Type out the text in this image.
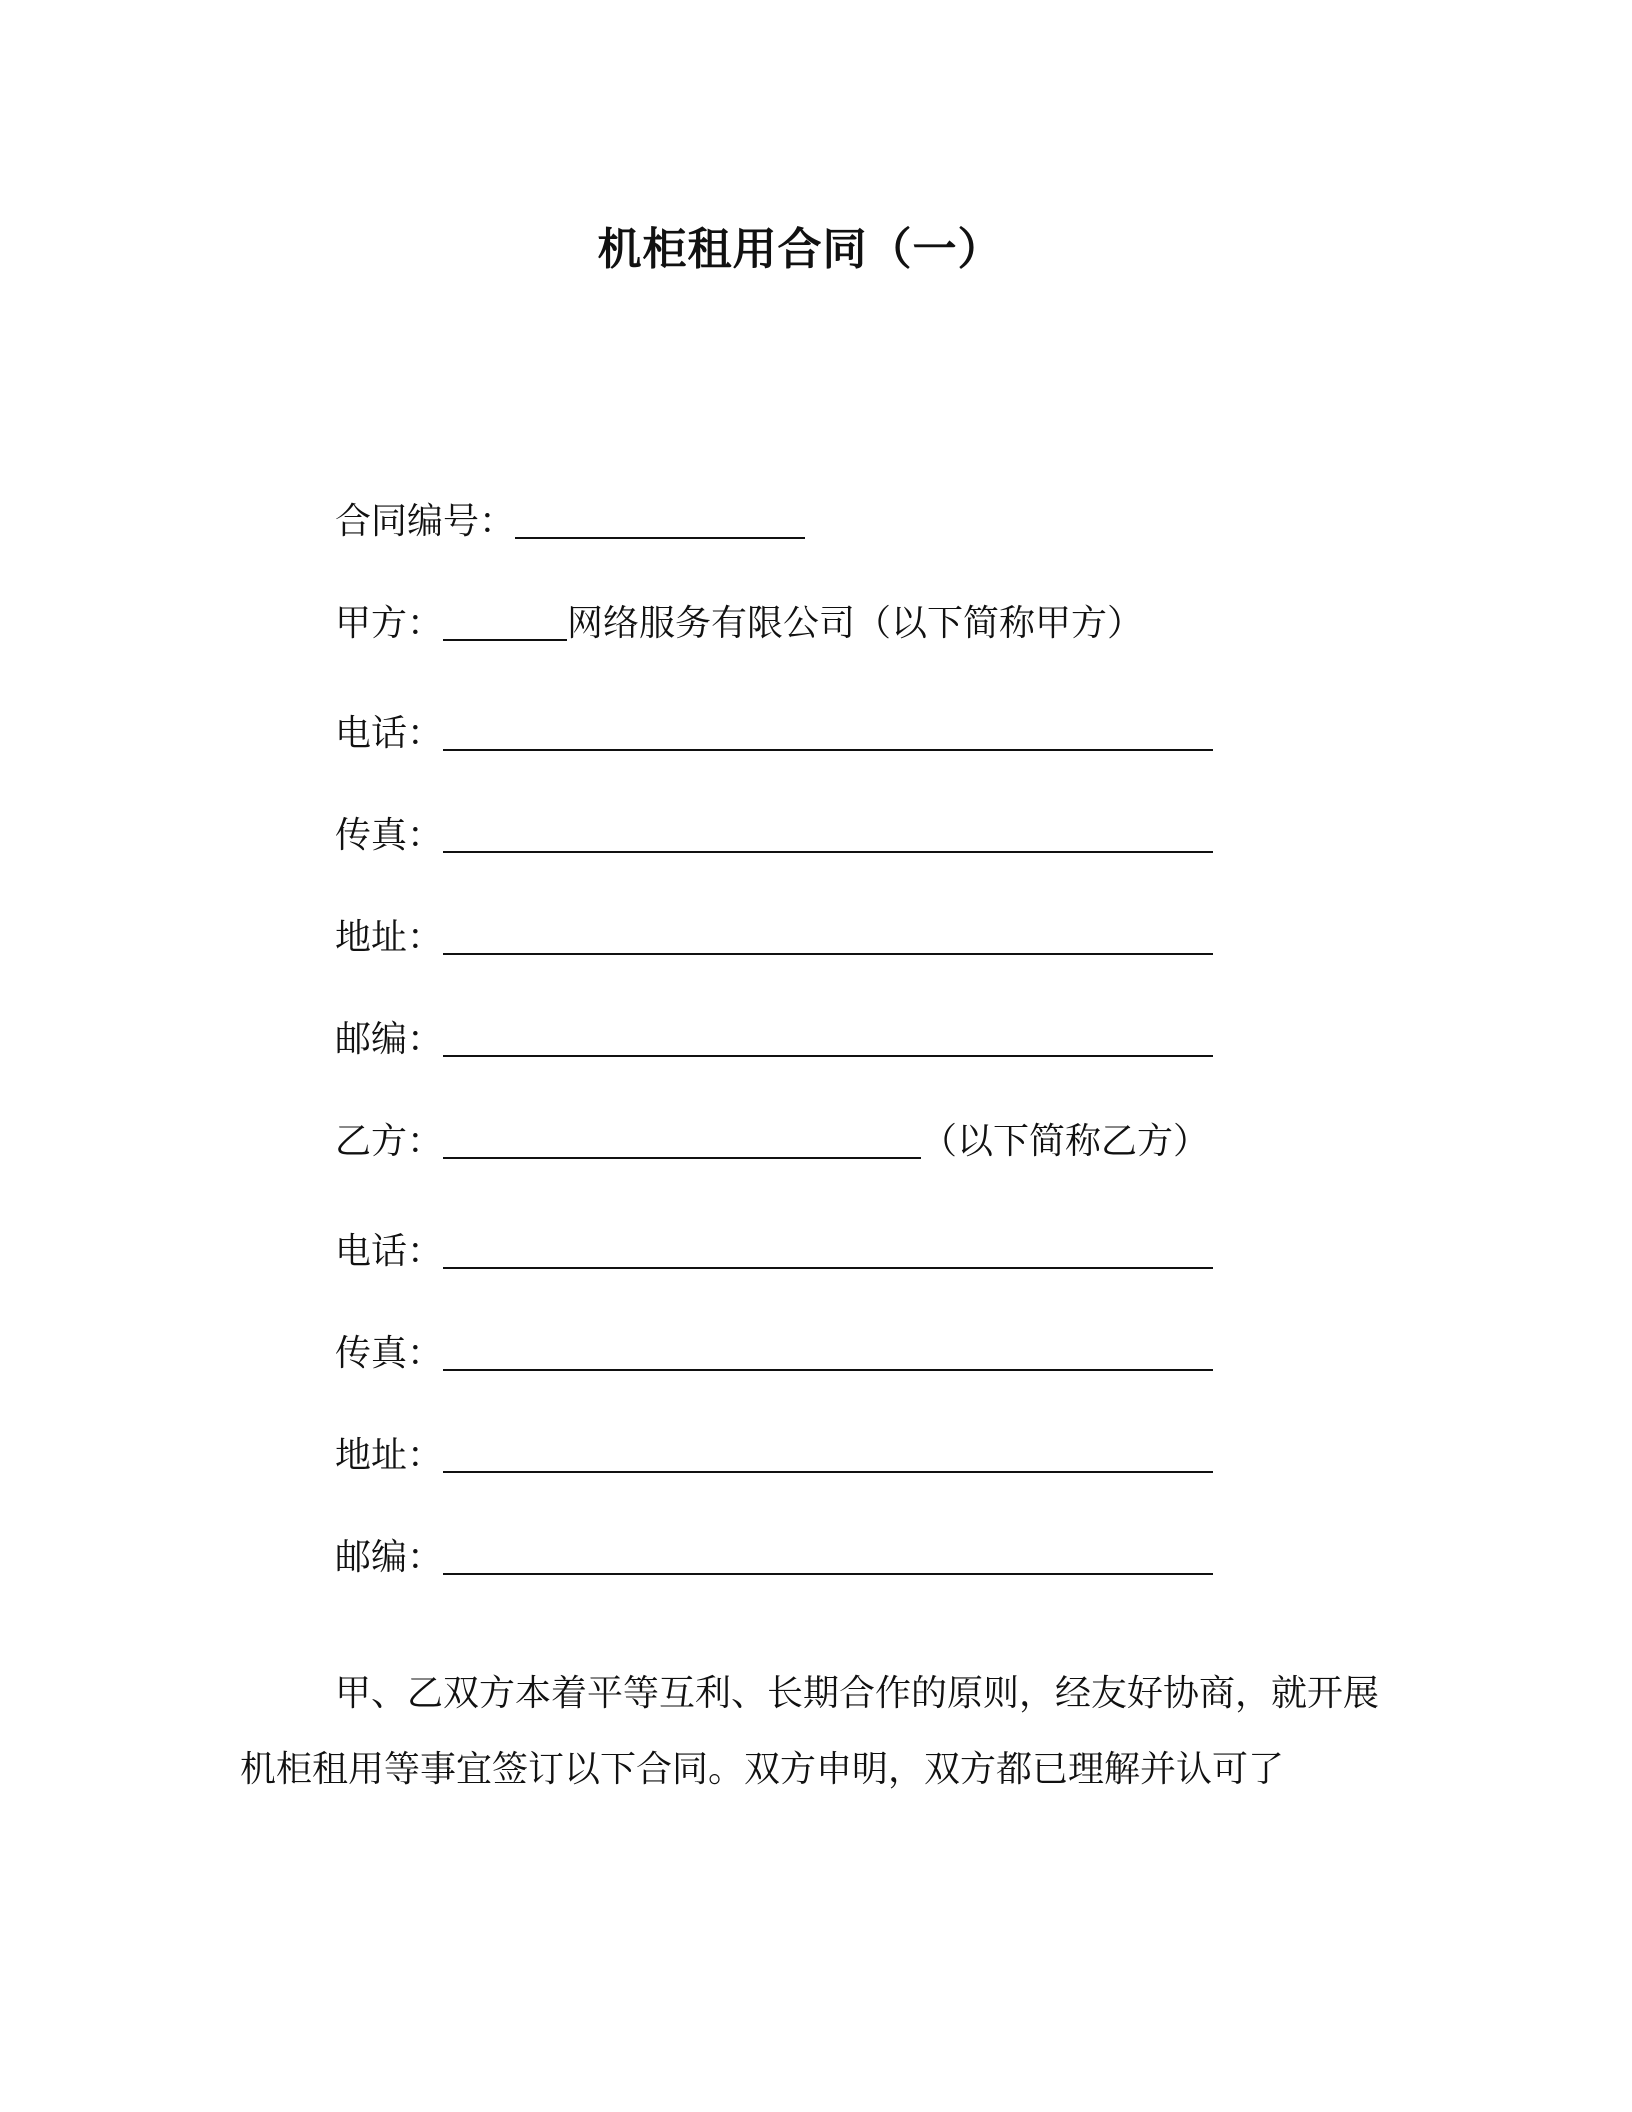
机柜租用合同（一）
合同编号：
甲方：	网络服务有限公司（以下简称甲方）
电话：
传真：
地址：
邮编：
乙方：	（以下简称乙方）
电话：
传真：
地址：
邮编：

甲、乙双方本着平等互利、长期合作的原则，经友好协商，就开展机柜租用等事宜签订以下合同。双方申明，双方都已理解并认可了
